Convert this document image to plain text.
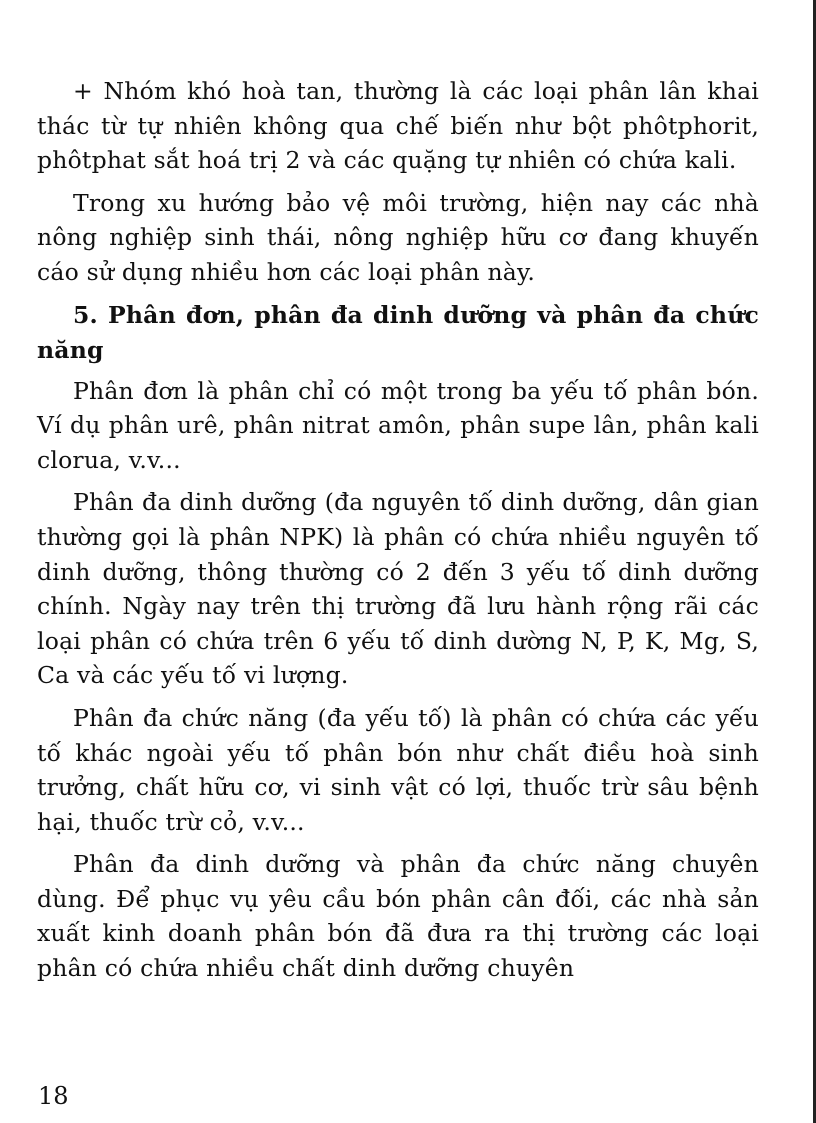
+ Nhóm khó hoà tan, thường là các loại phân lân khai thác từ tự nhiên không qua chế biến như bột phôtphorit, phôtphat sắt hoá trị 2 và các quặng tự nhiên có chứa kali.

Trong xu hướng bảo vệ môi trường, hiện nay các nhà nông nghiệp sinh thái, nông nghiệp hữu cơ đang khuyến cáo sử dụng nhiều hơn các loại phân này.

5. Phân đơn, phân đa dinh dưỡng và phân đa chức năng

Phân đơn là phân chỉ có một trong ba yếu tố phân bón. Ví dụ phân urê, phân nitrat amôn, phân supe lân, phân kali clorua, v.v...

Phân đa dinh dưỡng (đa nguyên tố dinh dưỡng, dân gian thường gọi là phân NPK) là phân có chứa nhiều nguyên tố dinh dưỡng, thông thường có 2 đến 3 yếu tố dinh dưỡng chính. Ngày nay trên thị trường đã lưu hành rộng rãi các loại phân có chứa trên 6 yếu tố dinh dường N, P, K, Mg, S, Ca và các yếu tố vi lượng.

Phân đa chức năng (đa yếu tố) là phân có chứa các yếu tố khác ngoài yếu tố phân bón như chất điều hoà sinh trưởng, chất hữu cơ, vi sinh vật có lợi, thuốc trừ sâu bệnh hại, thuốc trừ cỏ, v.v...

Phân đa dinh dưỡng và phân đa chức năng chuyên dùng. Để phục vụ yêu cầu bón phân cân đối, các nhà sản xuất kinh doanh phân bón đã đưa ra thị trường các loại phân có chứa nhiều chất dinh dưỡng chuyên

18
